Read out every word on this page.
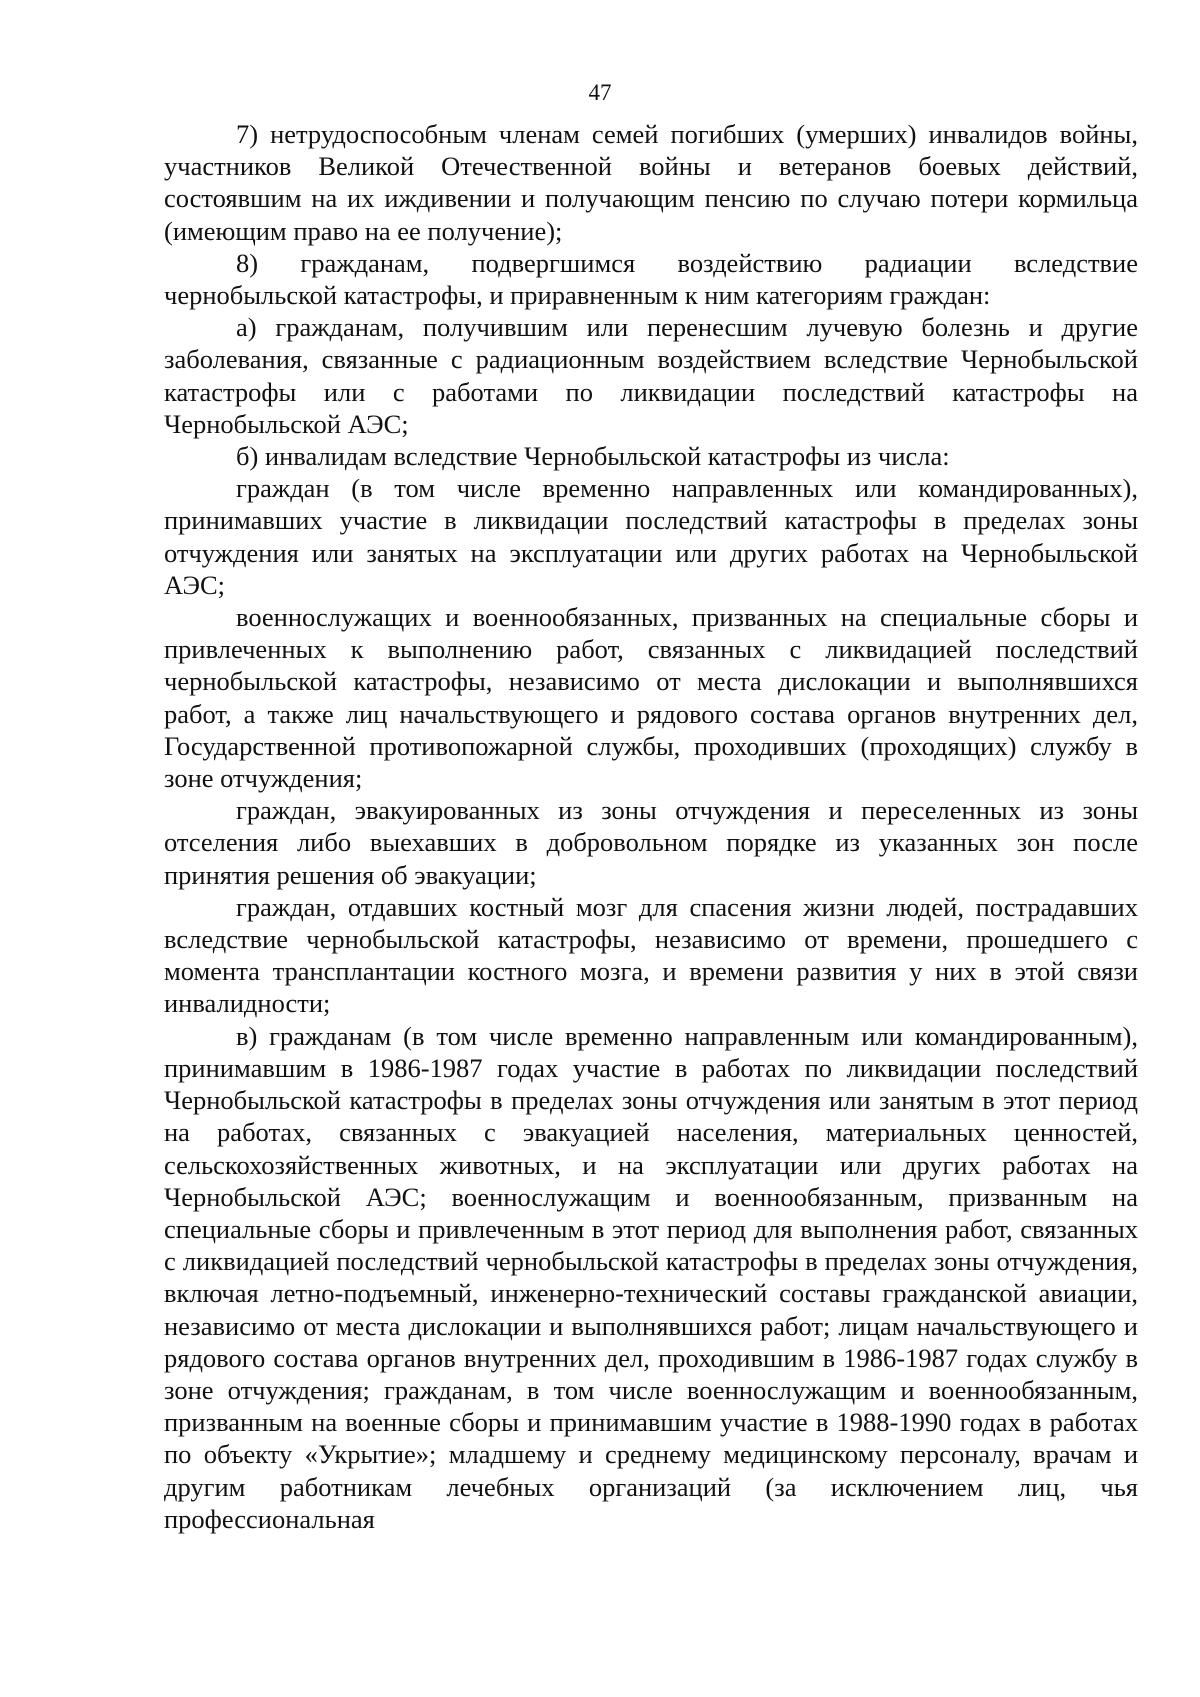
47

7) нетрудоспособным членам семей погибших (умерших) инвалидов войны, участников Великой Отечественной войны и ветеранов боевых действий, состоявшим на их иждивении и получающим пенсию по случаю потери кормильца (имеющим право на ее получение);

8) гражданам, подвергшимся воздействию радиации вследствие чернобыльской катастрофы, и приравненным к ним категориям граждан:

а) гражданам, получившим или перенесшим лучевую болезнь и другие заболевания, связанные с радиационным воздействием вследствие Чернобыльской катастрофы или с работами по ликвидации последствий катастрофы на Чернобыльской АЭС;

б) инвалидам вследствие Чернобыльской катастрофы из числа:

граждан (в том числе временно направленных или командированных), принимавших участие в ликвидации последствий катастрофы в пределах зоны отчуждения или занятых на эксплуатации или других работах на Чернобыльской АЭС;

военнослужащих и военнообязанных, призванных на специальные сборы и привлеченных к выполнению работ, связанных с ликвидацией последствий чернобыльской катастрофы, независимо от места дислокации и выполнявшихся работ, а также лиц начальствующего и рядового состава органов внутренних дел, Государственной противопожарной службы, проходивших (проходящих) службу в зоне отчуждения;

граждан, эвакуированных из зоны отчуждения и переселенных из зоны отселения либо выехавших в добровольном порядке из указанных зон после принятия решения об эвакуации;

граждан, отдавших костный мозг для спасения жизни людей, пострадавших вследствие чернобыльской катастрофы, независимо от времени, прошедшего с момента трансплантации костного мозга, и времени развития у них в этой связи инвалидности;

в) гражданам (в том числе временно направленным или командированным), принимавшим в 1986-1987 годах участие в работах по ликвидации последствий Чернобыльской катастрофы в пределах зоны отчуждения или занятым в этот период на работах, связанных с эвакуацией населения, материальных ценностей, сельскохозяйственных животных, и на эксплуатации или других работах на Чернобыльской АЭС; военнослужащим и военнообязанным, призванным на специальные сборы и привлеченным в этот период для выполнения работ, связанных с ликвидацией последствий чернобыльской катастрофы в пределах зоны отчуждения, включая летно-подъемный, инженерно-технический составы гражданской авиации, независимо от места дислокации и выполнявшихся работ; лицам начальствующего и рядового состава органов внутренних дел, проходившим в 1986-1987 годах службу в зоне отчуждения; гражданам, в том числе военнослужащим и военнообязанным, призванным на военные сборы и принимавшим участие в 1988-1990 годах в работах по объекту «Укрытие»; младшему и среднему медицинскому персоналу, врачам и другим работникам лечебных организаций (за исключением лиц, чья профессиональная
